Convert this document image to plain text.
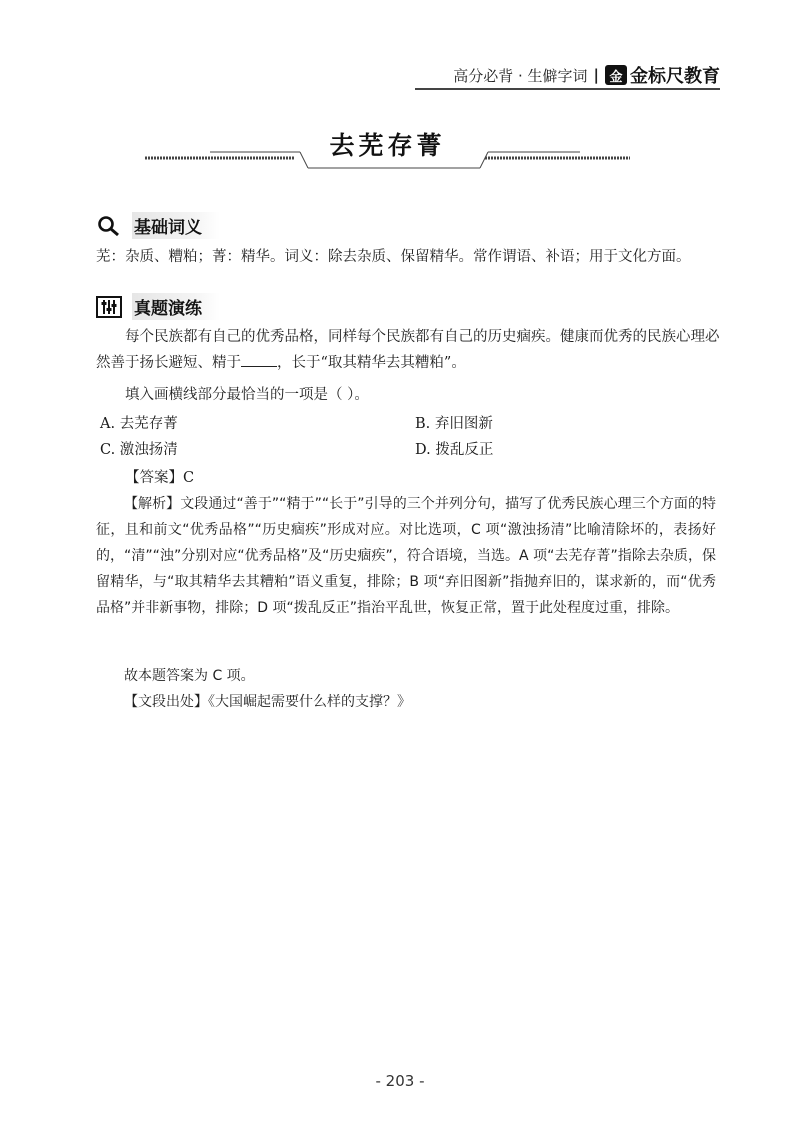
高分必背 · 生僻字词 | 金 金标尺教育
去芜存菁
基础词义

芜：杂质、糟粕；菁：精华。词义：除去杂质、保留精华。常作谓语、补语；用于文化方面。

真题演练

每个民族都有自己的优秀品格，同样每个民族都有自己的历史痼疾。健康而优秀的民族心理必然善于扬长避短、精于 ，长于“取其精华去其糟粕”。

填入画横线部分最恰当的一项是（ ）。

A. 去芜存菁	B. 弃旧图新
C. 激浊扬清	D. 拨乱反正

【答案】C

【解析】文段通过“善于”“精于”“长于”引导的三个并列分句，描写了优秀民族心理三个方面的特征，且和前文“优秀品格”“历史痼疾”形成对应。对比选项，C 项“激浊扬清”比喻清除坏的，表扬好的，“清”“浊”分别对应“优秀品格”及“历史痼疾”，符合语境，当选。A 项“去芜存菁”指除去杂质，保留精华，与“取其精华去其糟粕”语义重复，排除；B 项“弃旧图新”指抛弃旧的，谋求新的，而“优秀品格”并非新事物，排除；D 项“拨乱反正”指治平乱世，恢复正常，置于此处程度过重，排除。

故本题答案为 C 项。

【文段出处】《大国崛起需要什么样的支撑？》

- 203 -
